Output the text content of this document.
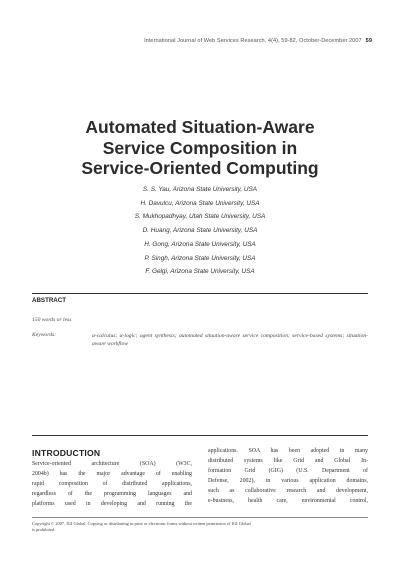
International Journal of Web Services Research, 4(4), 59-82, October-December 2007 59
Automated Situation-Aware
Service Composition in
Service-Oriented Computing
S. S. Yau, Arizona State University, USA
H. Davulcu, Arizona State University, USA
S. Mukhopadhyay, Utah State University, USA
D. Huang, Arizona State University, USA
H. Gong, Arizona State University, USA
P. Singh, Arizona State University, USA
F. Gelgi, Arizona State University, USA
ABSTRACT
150 words or less
Keywords:	α-calculus; α-logic; agent synthesis; automated situation-aware service composition; service-based systems; situation-aware workflow
INTRODUCTION
Service-oriented architecture (SOA) (W3C,
2004b) has the major advantage of enabling
rapid composition of distributed applications,
regardless of the programming languages and
platforms used in developing and running the
applications. SOA has been adopted in many
distributed systems like Grid and Global In-
formation Grid (GIG) (U.S. Department of
Defense, 2002), in various application domains,
such as collaborative research and development,
e-business, health care, environmental control,
Copyright © 2007, IGI Global. Copying or distributing in print or electronic forms without written permission of IGI Global
is prohibited.
